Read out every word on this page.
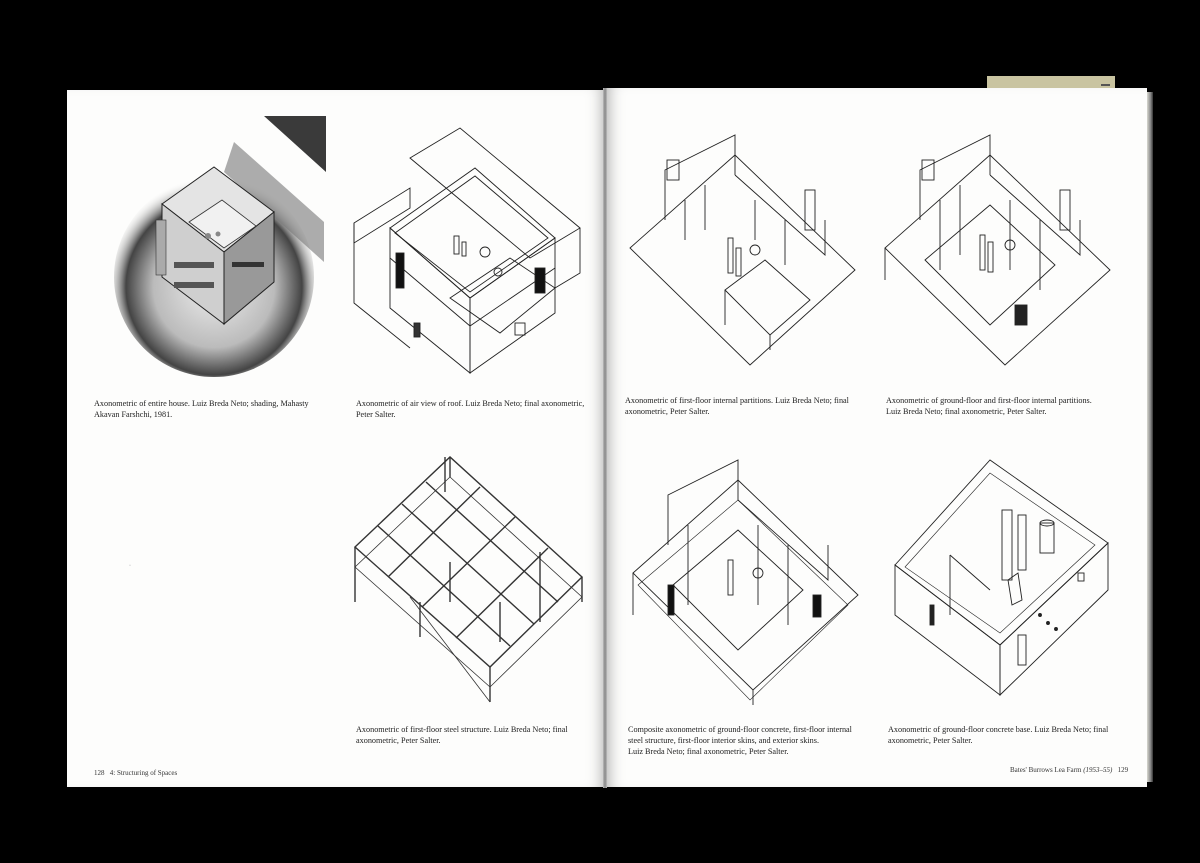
Axonometric of entire house. Luiz Breda Neto; shading, Mahasty
Akavan Farshchi, 1981.
Axonometric of air view of roof. Luiz Breda Neto; final axonometric,
Peter Salter.
Axonometric of first-floor steel structure. Luiz Breda Neto; final
axonometric, Peter Salter.
Axonometric of first-floor internal partitions. Luiz Breda Neto; final
axonometric, Peter Salter.
Axonometric of ground-floor and first-floor internal partitions.
Luiz Breda Neto; final axonometric, Peter Salter.
Composite axonometric of ground-floor concrete, first-floor internal
steel structure, first-floor interior skins, and exterior skins.
Luiz Breda Neto; final axonometric, Peter Salter.
Axonometric of ground-floor concrete base. Luiz Breda Neto; final
axonometric, Peter Salter.
·
128 4: Structuring of Spaces	Bates' Burrows Lea Farm (1953–55) 129
